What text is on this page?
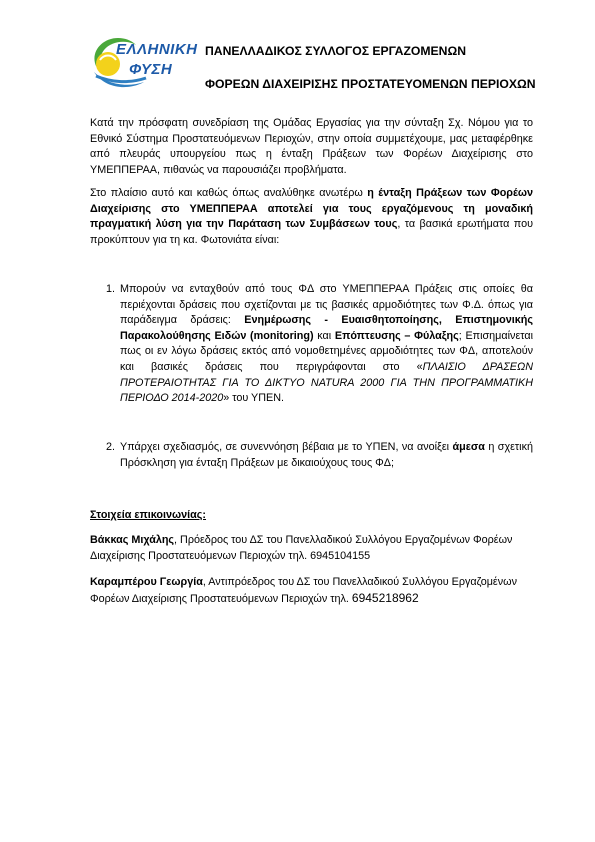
ΕΛΛΗΝΙΚΗ
ΦΥΣΗ
ΠΑΝΕΛΛΑΔΙΚΟΣ ΣΥΛΛΟΓΟΣ ΕΡΓΑΖΟΜΕΝΩΝ
ΦΟΡΕΩΝ ΔΙΑΧΕΙΡΙΣΗΣ ΠΡΟΣΤΑΤΕΥΟΜΕΝΩΝ ΠΕΡΙΟΧΩΝ
Κατά την πρόσφατη συνεδρίαση της Ομάδας Εργασίας για την σύνταξη Σχ. Νόμου για το Εθνικό Σύστημα Προστατευόμενων Περιοχών, στην οποία συμμετέχουμε, μας μεταφέρθηκε από πλευράς υπουργείου πως η ένταξη Πράξεων των Φορέων Διαχείρισης στο ΥΜΕΠΠΕΡΑΑ, πιθανώς να παρουσιάζει προβλήματα.
Στο πλαίσιο αυτό και καθώς όπως αναλύθηκε ανωτέρω η ένταξη Πράξεων των Φορέων Διαχείρισης στο ΥΜΕΠΠΕΡΑΑ αποτελεί για τους εργαζόμενους τη μοναδική πραγματική λύση για την Παράταση των Συμβάσεων τους, τα βασικά ερωτήματα που προκύπτουν για τη κα. Φωτονιάτα είναι:
1. Μπορούν να ενταχθούν από τους ΦΔ στο ΥΜΕΠΠΕΡΑΑ Πράξεις στις οποίες θα περιέχονται δράσεις που σχετίζονται με τις βασικές αρμοδιότητες των Φ.Δ. όπως για παράδειγμα δράσεις: Ενημέρωσης - Ευαισθητοποίησης, Επιστημονικής Παρακολούθησης Ειδών (monitoring) και Επόπτευσης – Φύλαξης; Επισημαίνεται πως οι εν λόγω δράσεις εκτός από νομοθετημένες αρμοδιότητες των ΦΔ, αποτελούν και βασικές δράσεις που περιγράφονται στο «ΠΛΑΙΣΙΟ ΔΡΑΣΕΩΝ ΠΡΟΤΕΡΑΙΟΤΗΤΑΣ ΓΙΑ ΤΟ ΔΙΚΤΥΟ NATURA 2000 ΓΙΑ ΤΗΝ ΠΡΟΓΡΑΜΜΑΤΙΚΗ ΠΕΡΙΟΔΟ 2014-2020» του ΥΠΕΝ.
2. Υπάρχει σχεδιασμός, σε συνεννόηση βέβαια με το ΥΠΕΝ, να ανοίξει άμεσα η σχετική Πρόσκληση για ένταξη Πράξεων με δικαιούχους τους ΦΔ;
Στοιχεία επικοινωνίας:
Βάκκας Μιχάλης, Πρόεδρος του ΔΣ του Πανελλαδικού Συλλόγου Εργαζομένων Φορέων Διαχείρισης Προστατευόμενων Περιοχών τηλ. 6945104155
Καραμπέρου Γεωργία, Αντιπρόεδρος του ΔΣ του Πανελλαδικού Συλλόγου Εργαζομένων Φορέων Διαχείρισης Προστατευόμενων Περιοχών τηλ. 6945218962
